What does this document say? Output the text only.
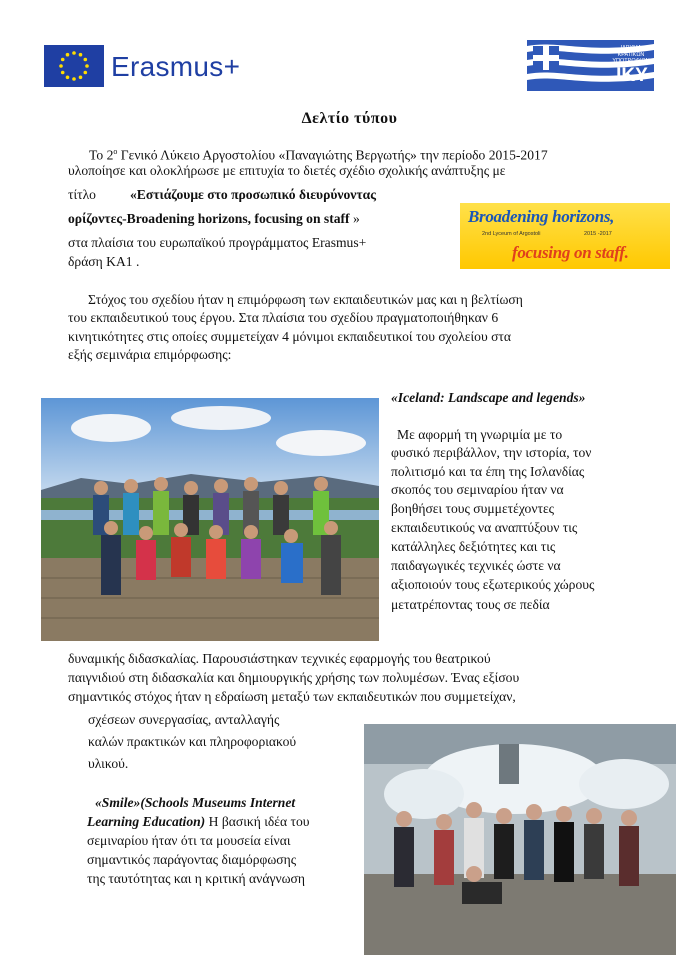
Erasmus+
ΙΔΡΥΜΑ
ΚΡΑΤΙΚΩΝ
ΥΠΟΤΡΟΦΙΩΝ
ΙΚΥ
Δελτίο τύπου
Το $2^o$ Γενικό Λύκειο Αργοστολίου «Παναγιώτης Βεργωτής» την περίοδο 2015-2017
υλοποίησε και ολοκλήρωσε με επιτυχία το διετές σχέδιο σχολικής ανάπτυξης με
τίτλο	«Εστιάζουμε στο προσωπικό διευρύνοντας
ορίζοντες-Broadening horizons, focusing on staff »
στα πλαίσια του ευρωπαϊκού προγράμματος Erasmus+
δράση ΚΑ1 .
Broadening horizons,
2nd Lyceum of Argostoli	2015 -2017
focusing on staff.
Στόχος του σχεδίου ήταν η επιμόρφωση των εκπαιδευτικών μας και η βελτίωση
του εκπαιδευτικού τους έργου. Στα πλαίσια του σχεδίου πραγματοποιήθηκαν 6
κινητικότητες στις οποίες συμμετείχαν 4 μόνιμοι εκπαιδευτικοί του σχολείου στα
εξής σεμινάρια επιμόρφωσης:
«Iceland: Landscape and legends»
Με αφορμή τη γνωριμία με το
φυσικό περιβάλλον, την ιστορία, τον
πολιτισμό και τα έπη της Ισλανδίας
σκοπός του σεμιναρίου ήταν να
βοηθήσει τους συμμετέχοντες
εκπαιδευτικούς να αναπτύξουν τις
κατάλληλες δεξιότητες και τις
παιδαγωγικές τεχνικές ώστε να
αξιοποιούν τους εξωτερικούς χώρους
μετατρέποντας τους σε πεδία
δυναμικής διδασκαλίας. Παρουσιάστηκαν τεχνικές εφαρμογής του θεατρικού
παιγνιδιού στη διδασκαλία και δημιουργικής χρήσης των πολυμέσων. Ένας εξίσου
σημαντικός στόχος ήταν η εδραίωση μεταξύ των εκπαιδευτικών που συμμετείχαν,
σχέσεων συνεργασίας, ανταλλαγής
καλών πρακτικών και πληροφοριακού
υλικού.
«Smile»(Schools Museums Internet
Learning Education) Η βασική ιδέα του
σεμιναρίου ήταν ότι τα μουσεία είναι
σημαντικός παράγοντας διαμόρφωσης
της ταυτότητας και η κριτική ανάγνωση
